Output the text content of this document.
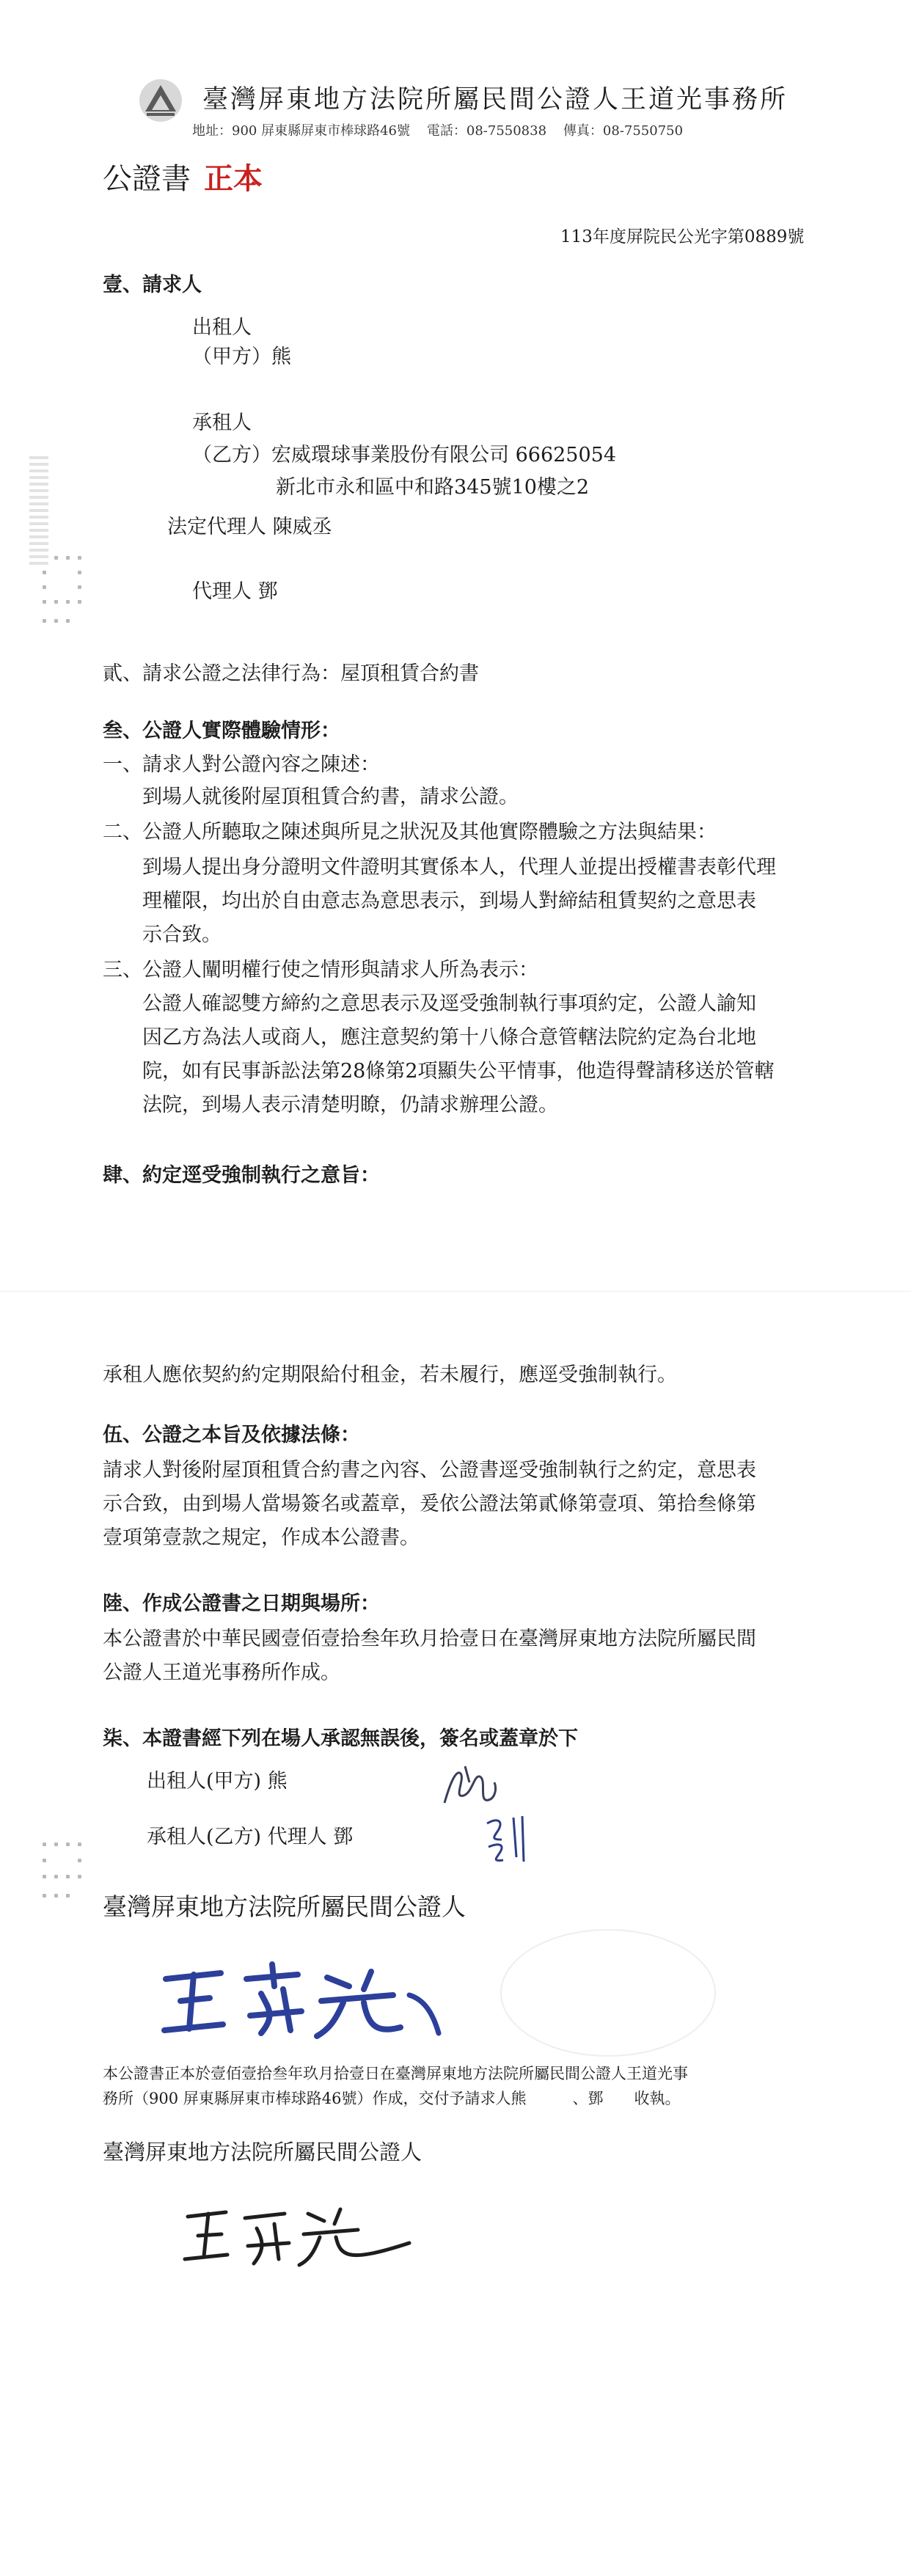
臺灣屏東地方法院所屬民間公證人王道光事務所
地址：900 屏東縣屏東市棒球路46號 電話：08-7550838 傳真：08-7550750
公證書 正本
113年度屏院民公光字第0889號
壹、請求人
出租人
（甲方）熊
承租人
（乙方）宏威環球事業股份有限公司 66625054
新北市永和區中和路345號10樓之2
法定代理人 陳威丞
代理人 鄧
貳、請求公證之法律行為：屋頂租賃合約書
叁、公證人實際體驗情形：
一、請求人對公證內容之陳述：
到場人就後附屋頂租賃合約書，請求公證。
二、公證人所聽取之陳述與所見之狀況及其他實際體驗之方法與結果：
到場人提出身分證明文件證明其實係本人，代理人並提出授權書表彰代理
理權限，均出於自由意志為意思表示，到場人對締結租賃契約之意思表
示合致。
三、公證人闡明權行使之情形與請求人所為表示：
公證人確認雙方締約之意思表示及逕受強制執行事項約定，公證人諭知
因乙方為法人或商人，應注意契約第十八條合意管轄法院約定為台北地
院，如有民事訴訟法第28條第2項顯失公平情事，他造得聲請移送於管轄
法院，到場人表示清楚明瞭，仍請求辦理公證。
肆、約定逕受強制執行之意旨：
承租人應依契約約定期限給付租金，若未履行，應逕受強制執行。
伍、公證之本旨及依據法條：
請求人對後附屋頂租賃合約書之內容、公證書逕受強制執行之約定，意思表
示合致，由到場人當場簽名或蓋章，爰依公證法第貳條第壹項、第拾叁條第
壹項第壹款之規定，作成本公證書。
陸、作成公證書之日期與場所：
本公證書於中華民國壹佰壹拾叁年玖月拾壹日在臺灣屏東地方法院所屬民間
公證人王道光事務所作成。
柒、本證書經下列在場人承認無誤後，簽名或蓋章於下
出租人(甲方) 熊
承租人(乙方) 代理人 鄧
臺灣屏東地方法院所屬民間公證人
本公證書正本於壹佰壹拾叁年玖月拾壹日在臺灣屏東地方法院所屬民間公證人王道光事
務所（900 屏東縣屏東市棒球路46號）作成，交付予請求人熊　　　、鄧　　收執。
臺灣屏東地方法院所屬民間公證人
